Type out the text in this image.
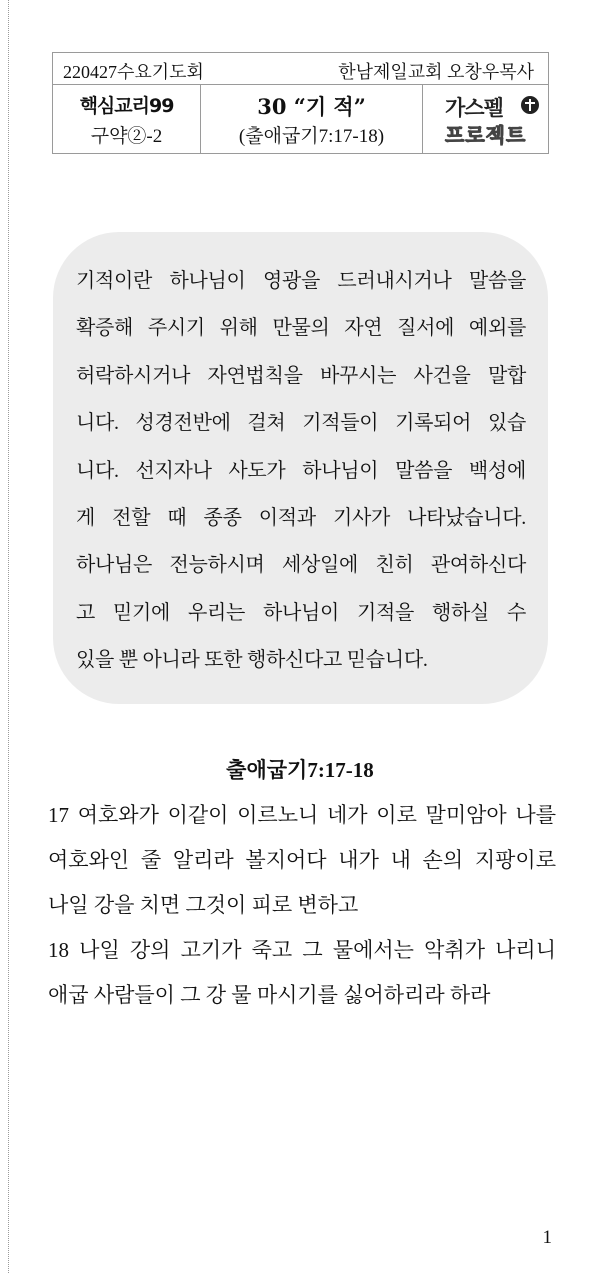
220427수요기도회	한남제일교회 오창우목사
핵심교리99
구약②-2
30 “기 적”
(출애굽기7:17-18)
가스펠
프로젝트

기적이란 하나님이 영광을 드러내시거나 말씀을
확증해 주시기 위해 만물의 자연 질서에 예외를
허락하시거나 자연법칙을 바꾸시는 사건을 말합
니다. 성경전반에 걸쳐 기적들이 기록되어 있습
니다. 선지자나 사도가 하나님이 말씀을 백성에
게 전할 때 종종 이적과 기사가 나타났습니다.
하나님은 전능하시며 세상일에 친히 관여하신다
고 믿기에 우리는 하나님이 기적을 행하실 수
있을 뿐 아니라 또한 행하신다고 믿습니다.

출애굽기7:17-18
17 여호와가 이같이 이르노니 네가 이로 말미암아 나를
여호와인 줄 알리라 볼지어다 내가 내 손의 지팡이로
나일 강을 치면 그것이 피로 변하고
18 나일 강의 고기가 죽고 그 물에서는 악취가 나리니
애굽 사람들이 그 강 물 마시기를 싫어하리라 하라
1
